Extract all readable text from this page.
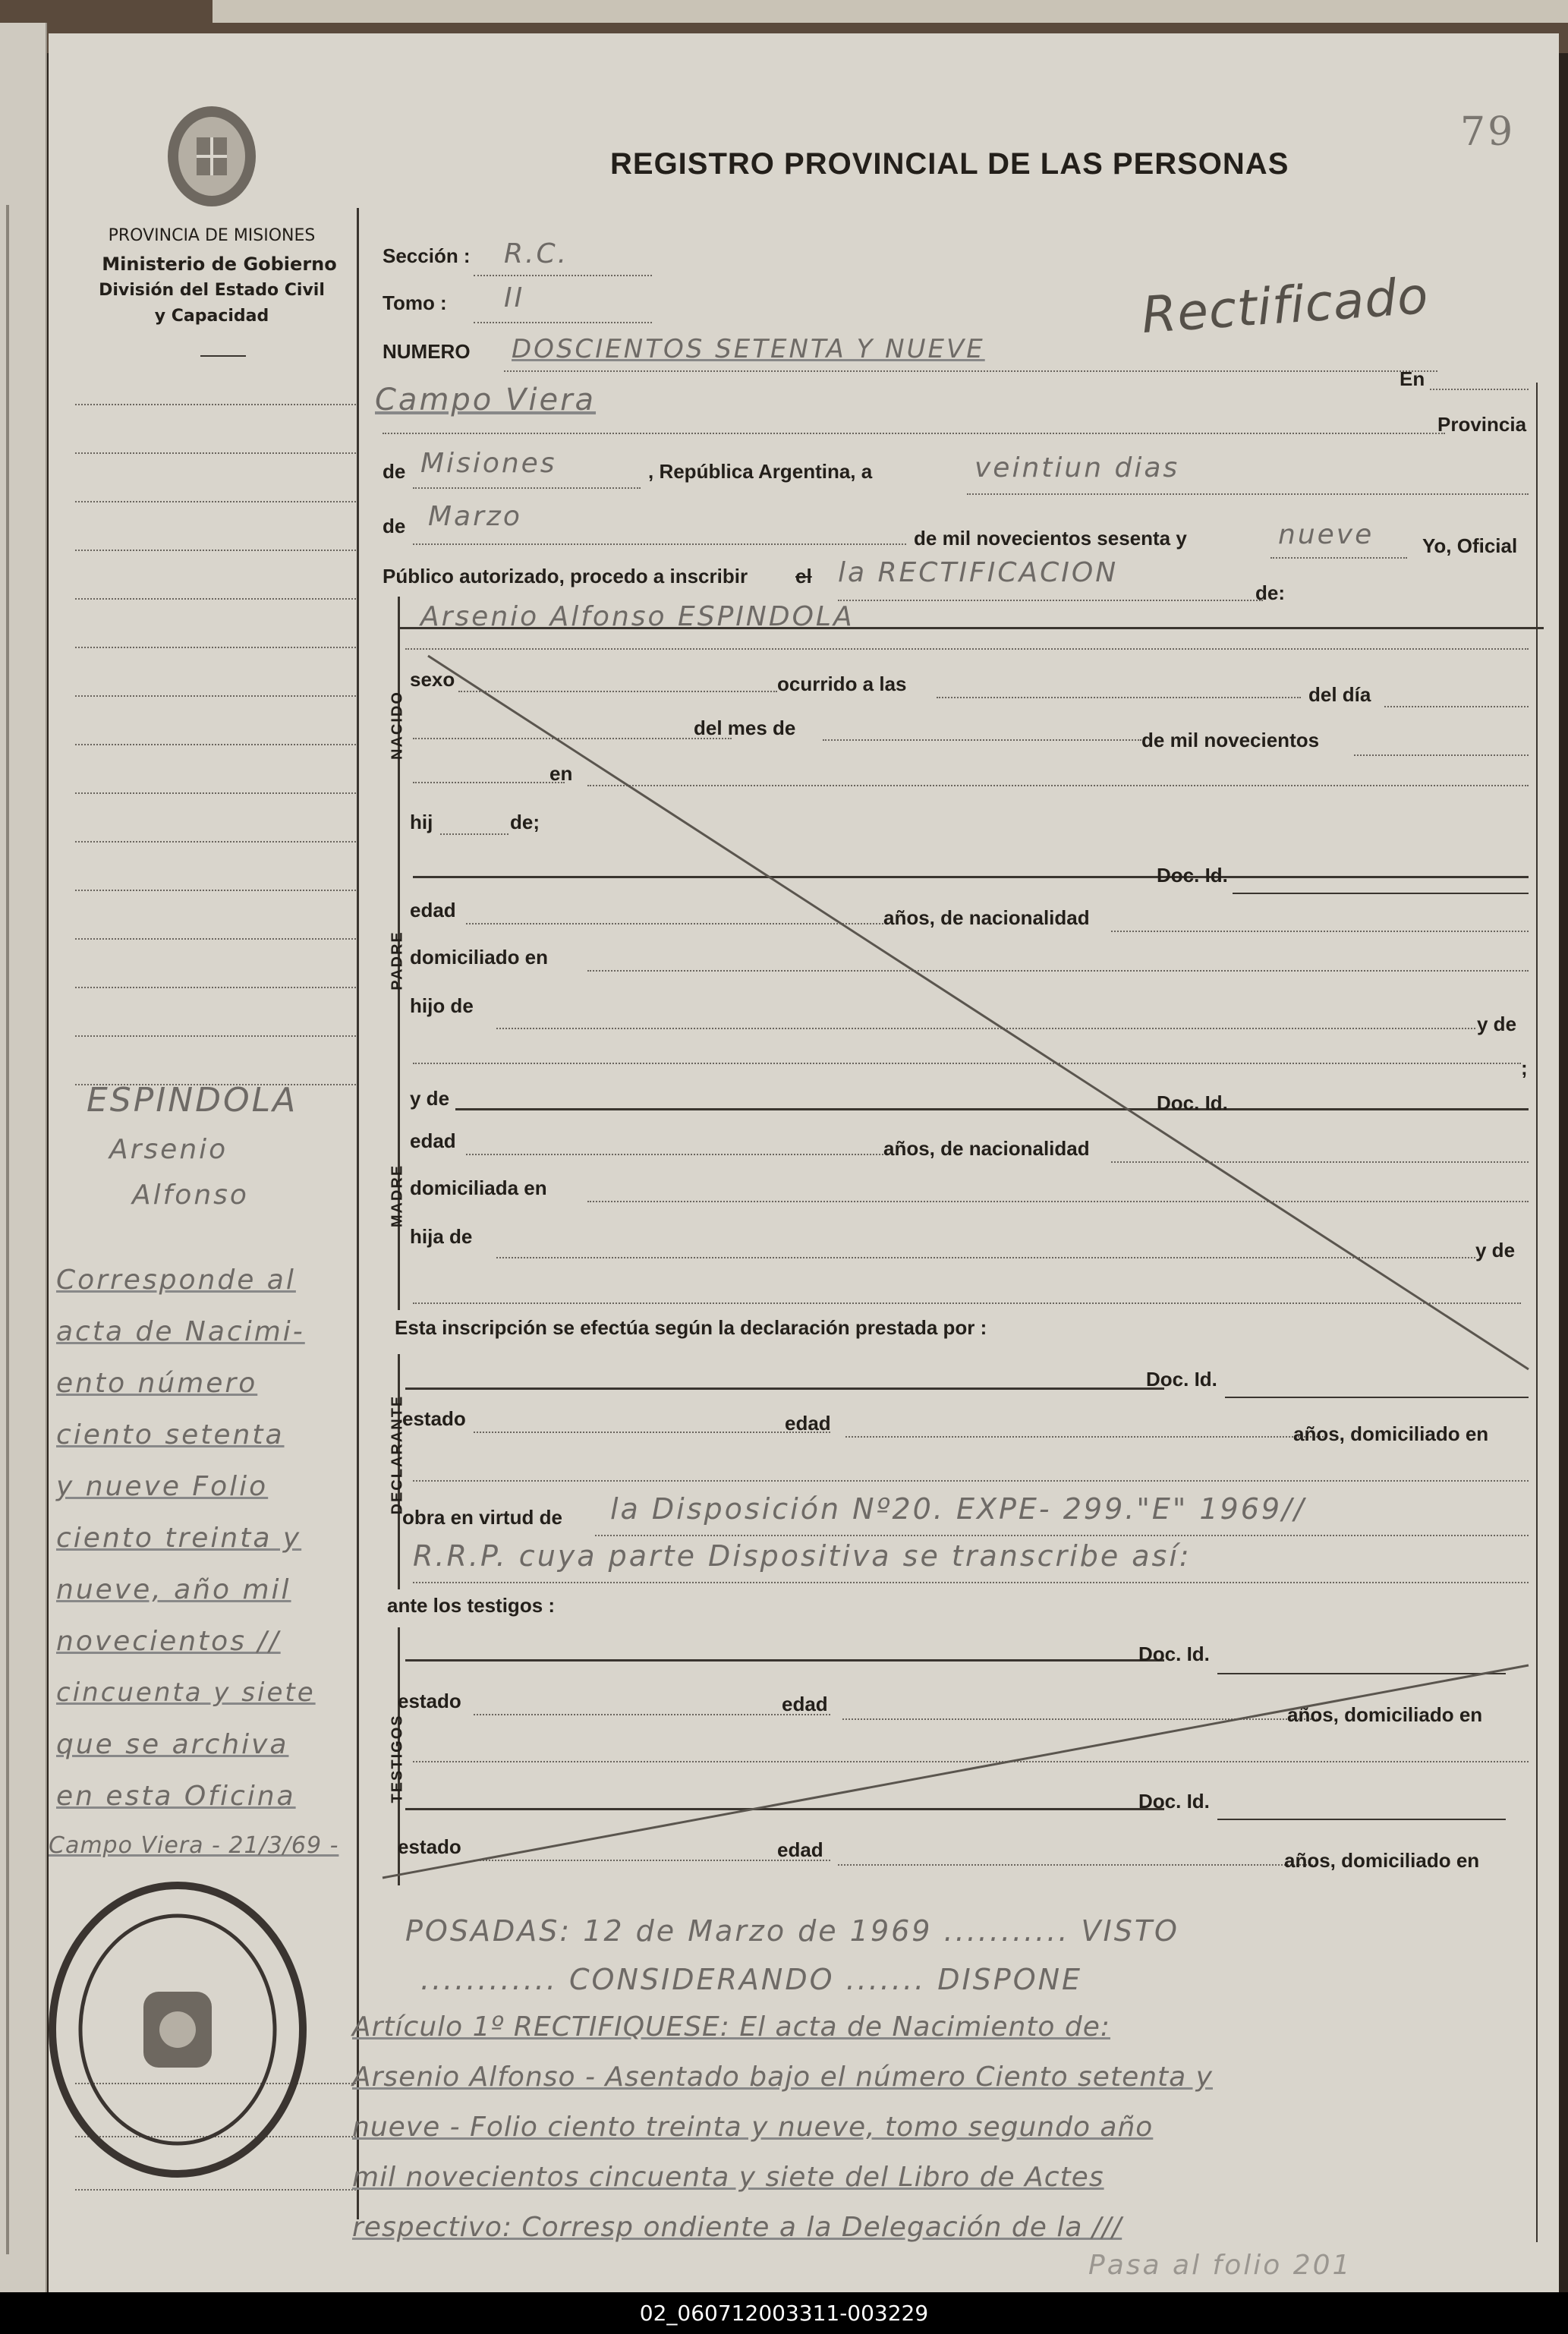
PROVINCIA DE MISIONES
Ministerio de Gobierno
División del Estado Civil
y Capacidad
ESPINDOLA
Arsenio
Alfonso
Corresponde al
acta de Nacimi-
ento número
ciento setenta
y nueve Folio
ciento treinta y
nueve, año mil
novecientos //
cincuenta y siete
que se archiva
en esta Oficina
Campo Viera - 21/3/69 -
REGISTRO PROVINCIAL DE LAS PERSONAS
79
Rectificado
Sección : R.C.
Tomo : II
NUMERO DOSCIENTOS SETENTA Y NUEVE
En
Campo Viera
Provincia
de Misiones	, República Argentina, a	veintiun dias
de Marzo
de mil novecientos sesenta y	nueve Yo, Oficial
Público autorizado, procedo a inscribir el la RECTIFICACION
de:
Arsenio Alfonso ESPINDOLA
NACIDO
sexo	ocurrido a las	del día
del mes de
de mil novecientos
en
hij	de;
PADRE
Doc. Id.
edad	años, de nacionalidad
domiciliado en
hijo de
y de
;
MADRE
y de	Doc. Id.
edad	años, de nacionalidad
domiciliada en
hija de
y de
Esta inscripción se efectúa según la declaración prestada por :
DECLARANTE
Doc. Id.
estado	edad	años, domiciliado en
obra en virtud de la Disposición Nº20. EXPE- 299."E" 1969//
R.R.P. cuya parte Dispositiva se transcribe así:
ante los testigos :
TESTIGOS
Doc. Id.
estado	edad	años, domiciliado en
Doc. Id.
estado	edad	años, domiciliado en
POSADAS: 12 de Marzo de 1969 ........... VISTO
............ CONSIDERANDO ....... DISPONE
Artículo 1º RECTIFIQUESE: El acta de Nacimiento de:
Arsenio Alfonso - Asentado bajo el número Ciento setenta y
nueve - Folio ciento treinta y nueve, tomo segundo año
mil novecientos cincuenta y siete del Libro de Actes
respectivo: Corresp ondiente a la Delegación de la ///
Pasa al folio 201
02_060712003311-003229
